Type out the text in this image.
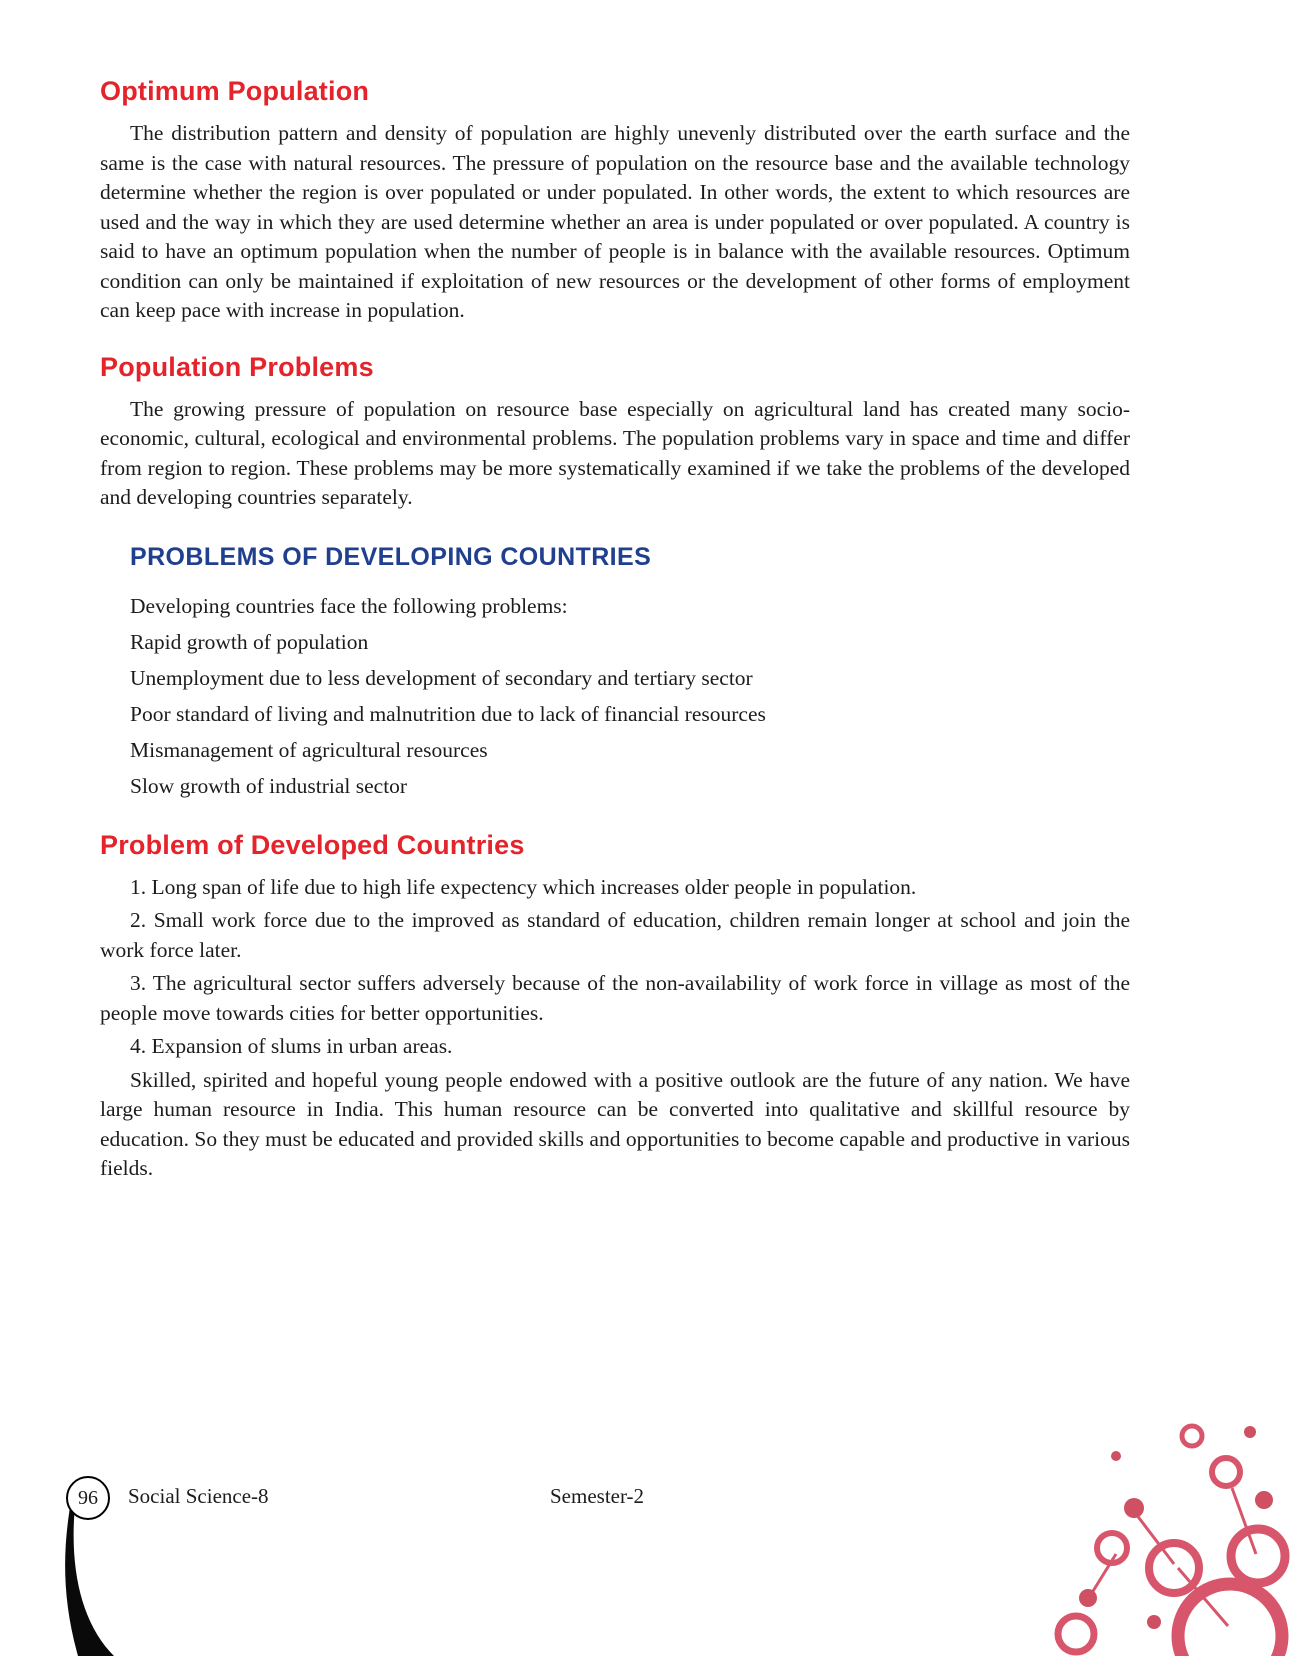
Optimum Population

The distribution pattern and density of population are highly unevenly distributed over the earth surface and the same is the case with natural resources. The pressure of population on the resource base and the available technology determine whether the region is over populated or under populated. In other words, the extent to which resources are used and the way in which they are used determine whether an area is under populated or over populated. A country is said to have an optimum population when the number of people is in balance with the available resources. Optimum condition can only be maintained if exploitation of new resources or the development of other forms of employment can keep pace with increase in population.

Population Problems

The growing pressure of population on resource base especially on agricultural land has created many socio-economic, cultural, ecological and environmental problems. The population problems vary in space and time and differ from region to region. These problems may be more systematically examined if we take the problems of the developed and developing countries separately.

PROBLEMS OF DEVELOPING COUNTRIES

Developing countries face the following problems:

Rapid growth of population

Unemployment due to less development of secondary and tertiary sector

Poor standard of living and malnutrition due to lack of financial resources

Mismanagement of agricultural resources

Slow growth of industrial sector

Problem of Developed Countries

1. Long span of life due to high life expectency which increases older people in population.

2. Small work force due to the improved as standard of education, children remain longer at school and join the work force later.

3. The agricultural sector suffers adversely because of the non-availability of work force in village as most of the people move towards cities for better opportunities.

4. Expansion of slums in urban areas.

Skilled, spirited and hopeful young people endowed with a positive outlook are the future of any nation. We have large human resource in India. This human resource can be converted into qualitative and skillful resource by education. So they must be educated and provided skills and opportunities to become capable and productive in various fields.

96 Social Science-8	Semester-2
